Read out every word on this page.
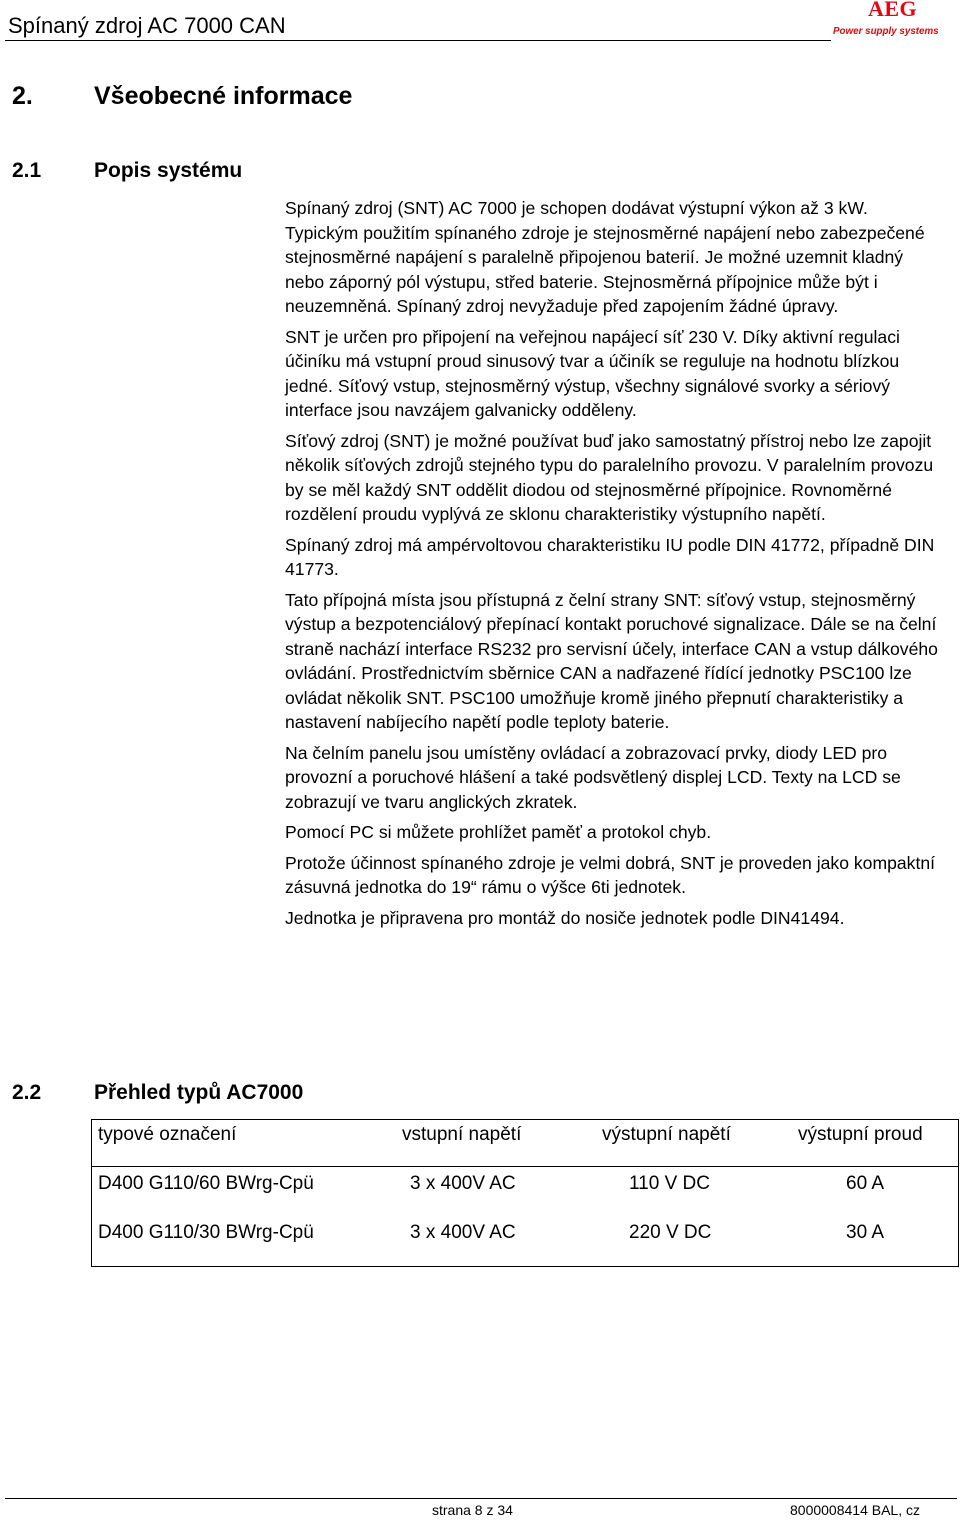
Spínaný zdroj AC 7000 CAN
AEG
Power supply systems
2. Všeobecné informace
2.1	Popis systému

Spínaný zdroj (SNT) AC 7000 je schopen dodávat výstupní výkon až 3 kW. Typickým použitím spínaného zdroje je stejnosměrné napájení nebo zabezpečené stejnosměrné napájení s paralelně připojenou baterií. Je možné uzemnit kladný nebo záporný pól výstupu, střed baterie. Stejnosměrná přípojnice může být i neuzemněná. Spínaný zdroj nevyžaduje před zapojením žádné úpravy.

SNT je určen pro připojení na veřejnou napájecí síť 230 V. Díky aktivní regulaci účiníku má vstupní proud sinusový tvar a účiník se reguluje na hodnotu blízkou jedné. Síťový vstup, stejnosměrný výstup, všechny signálové svorky a sériový interface jsou navzájem galvanicky odděleny.

Síťový zdroj (SNT) je možné používat buď jako samostatný přístroj nebo lze zapojit několik síťových zdrojů stejného typu do paralelního provozu. V paralelním provozu by se měl každý SNT oddělit diodou od stejnosměrné přípojnice. Rovnoměrné rozdělení proudu vyplývá ze sklonu charakteristiky výstupního napětí.

Spínaný zdroj má ampérvoltovou charakteristiku IU podle DIN 41772, případně DIN 41773.

Tato přípojná místa jsou přístupná z čelní strany SNT: síťový vstup, stejnosměrný výstup a bezpotenciálový přepínací kontakt poruchové signalizace. Dále se na čelní straně nachází interface RS232 pro servisní účely, interface CAN a vstup dálkového ovládání. Prostřednictvím sběrnice CAN a nadřazené řídící jednotky PSC100 lze ovládat několik SNT. PSC100 umožňuje kromě jiného přepnutí charakteristiky a nastavení nabíjecího napětí podle teploty baterie.

Na čelním panelu jsou umístěny ovládací a zobrazovací prvky, diody LED pro provozní a poruchové hlášení a také podsvětlený displej LCD. Texty na LCD se zobrazují ve tvaru anglických zkratek.

Pomocí PC si můžete prohlížet paměť a protokol chyb.

Protože účinnost spínaného zdroje je velmi dobrá, SNT je proveden jako kompaktní zásuvná jednotka do 19“ rámu o výšce 6ti jednotek.

Jednotka je připravena pro montáž do nosiče jednotek podle DIN41494.

2.2	Přehled typů AC7000
typové označení	vstupní napětí	výstupní napětí	výstupní proud
D400 G110/60 BWrg-Cpü	3 x 400V AC	110 V DC	60 A
D400 G110/30 BWrg-Cpü	3 x 400V AC	220 V DC	30 A
strana 8 z 34	8000008414 BAL, cz
